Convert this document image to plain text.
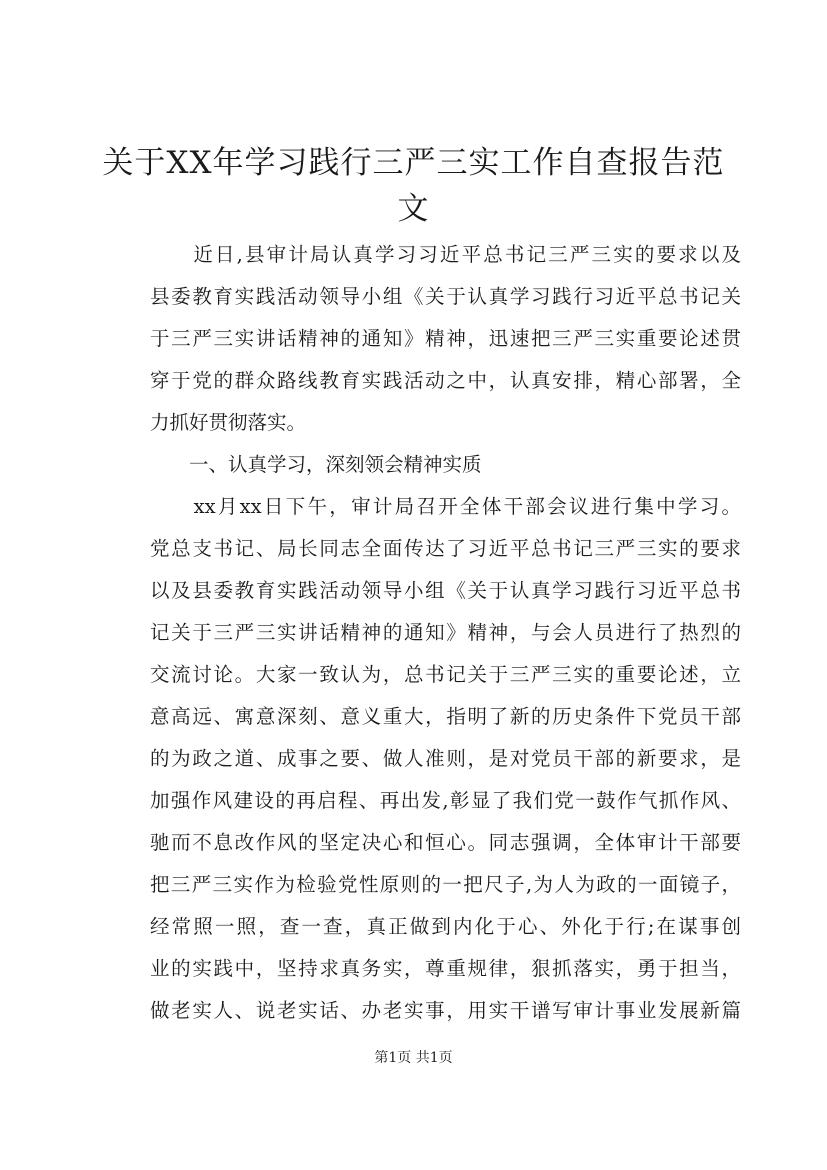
关于XX年学习践行三严三实工作自查报告范
文
　　近日,县审计局认真学习习近平总书记三严三实的要求以及
县委教育实践活动领导小组《关于认真学习践行习近平总书记关
于三严三实讲话精神的通知》精神，迅速把三严三实重要论述贯
穿于党的群众路线教育实践活动之中，认真安排，精心部署，全
力抓好贯彻落实。
　　一、认真学习，深刻领会精神实质
　　xx月xx日下午，审计局召开全体干部会议进行集中学习。
党总支书记、局长同志全面传达了习近平总书记三严三实的要求
以及县委教育实践活动领导小组《关于认真学习践行习近平总书
记关于三严三实讲话精神的通知》精神，与会人员进行了热烈的
交流讨论。大家一致认为，总书记关于三严三实的重要论述，立
意高远、寓意深刻、意义重大，指明了新的历史条件下党员干部
的为政之道、成事之要、做人准则，是对党员干部的新要求，是
加强作风建设的再启程、再出发,彰显了我们党一鼓作气抓作风、
驰而不息改作风的坚定决心和恒心。同志强调，全体审计干部要
把三严三实作为检验党性原则的一把尺子,为人为政的一面镜子，
经常照一照，查一查，真正做到内化于心、外化于行;在谋事创
业的实践中，坚持求真务实，尊重规律，狠抓落实，勇于担当，
做老实人、说老实话、办老实事，用实干谱写审计事业发展新篇
第1页 共1页
